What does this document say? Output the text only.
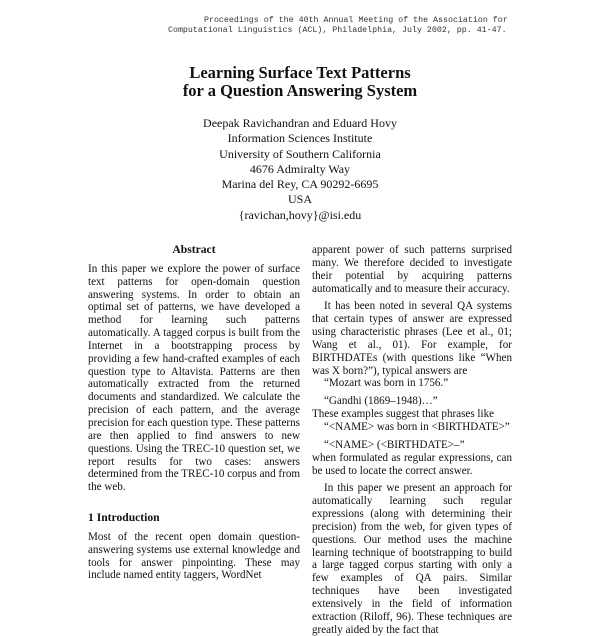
Proceedings of the 40th Annual Meeting of the Association for
Computational Linguistics (ACL), Philadelphia, July 2002, pp. 41-47.
Learning Surface Text Patterns
for a Question Answering System
Deepak Ravichandran and Eduard Hovy
Information Sciences Institute
University of Southern California
4676 Admiralty Way
Marina del Rey, CA 90292-6695
USA
{ravichan,hovy}@isi.edu
Abstract

In this paper we explore the power of surface text patterns for open-domain question answering systems. In order to obtain an optimal set of patterns, we have developed a method for learning such patterns automatically. A tagged corpus is built from the Internet in a bootstrapping process by providing a few hand-crafted examples of each question type to Altavista. Patterns are then automatically extracted from the returned documents and standardized. We calculate the precision of each pattern, and the average precision for each question type. These patterns are then applied to find answers to new questions. Using the TREC-10 question set, we report results for two cases: answers determined from the TREC-10 corpus and from the web.

1 Introduction

Most of the recent open domain question-answering systems use external knowledge and tools for answer pinpointing. These may include named entity taggers, WordNet

apparent power of such patterns surprised many. We therefore decided to investigate their potential by acquiring patterns automatically and to measure their accuracy.

It has been noted in several QA systems that certain types of answer are expressed using characteristic phrases (Lee et al., 01; Wang et al., 01). For example, for BIRTHDATEs (with questions like “When was X born?”), typical answers are

“Mozart was born in 1756.”

“Gandhi (1869–1948)…”

These examples suggest that phrases like

“<NAME> was born in <BIRTHDATE>”

“<NAME> (<BIRTHDATE>–”

when formulated as regular expressions, can be used to locate the correct answer.

In this paper we present an approach for automatically learning such regular expressions (along with determining their precision) from the web, for given types of questions. Our method uses the machine learning technique of bootstrapping to build a large tagged corpus starting with only a few examples of QA pairs. Similar techniques have been investigated extensively in the field of information extraction (Riloff, 96). These techniques are greatly aided by the fact that
